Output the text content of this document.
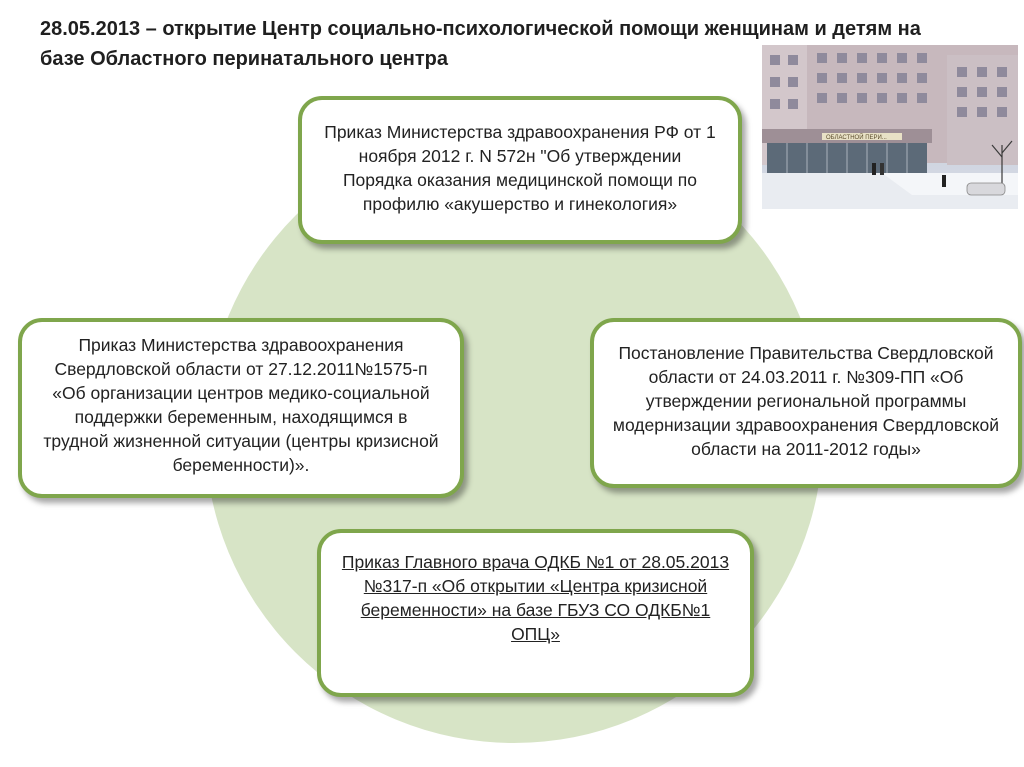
28.05.2013 – открытие Центр социально-психологической помощи женщинам и детям на базе Областного перинатального центра
ОБЛАСТНОЙ ПЕРИ...
Приказ Министерства здравоохранения РФ от 1 ноября 2012 г. N 572н "Об утверждении Порядка оказания медицинской помощи по профилю «акушерство и гинекология»
Приказ Министерства здравоохранения Свердловской области от 27.12.2011№1575-п «Об организации центров медико-социальной поддержки беременным, находящимся в трудной жизненной ситуации (центры кризисной беременности)».
Постановление Правительства Свердловской области от 24.03.2011 г. №309-ПП «Об утверждении региональной программы модернизации здравоохранения Свердловской области на 2011-2012 годы»
Приказ Главного врача ОДКБ №1 от 28.05.2013 №317-п «Об открытии «Центра кризисной беременности» на базе ГБУЗ СО ОДКБ№1 ОПЦ»
